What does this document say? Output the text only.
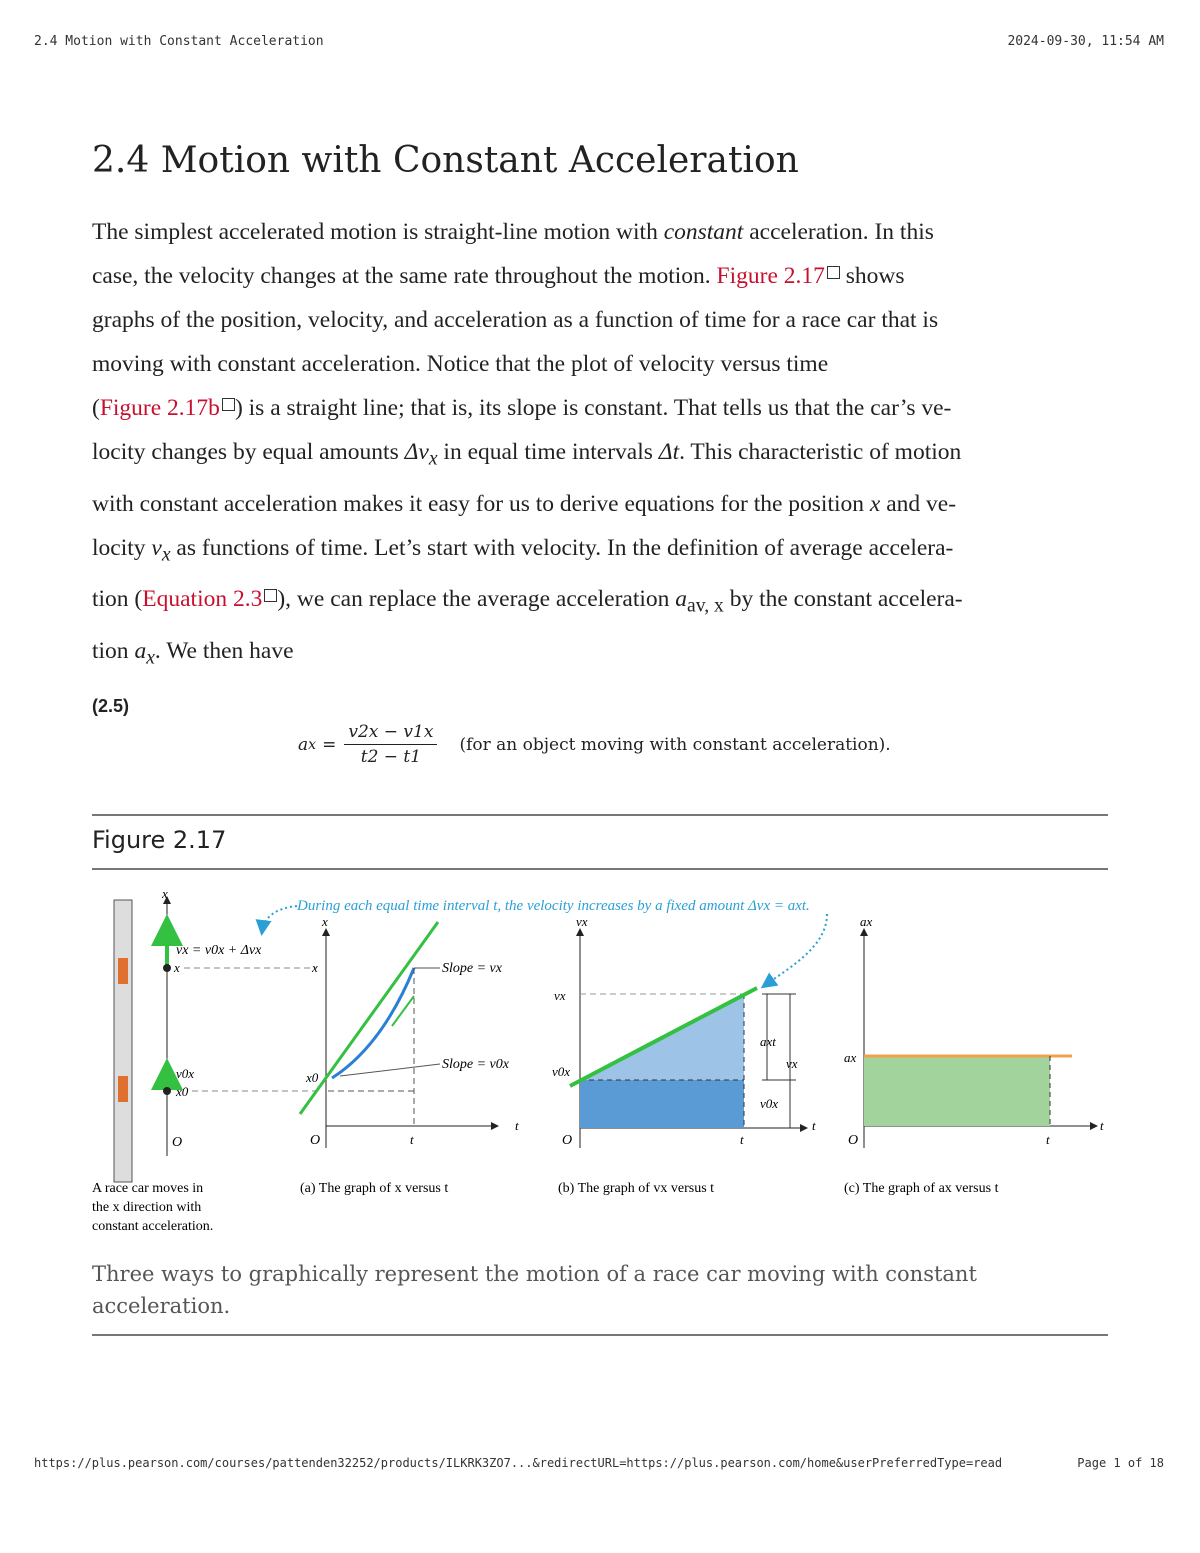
2.4 Motion with Constant Acceleration	2024-09-30, 11:54 AM
2.4 Motion with Constant Acceleration
The simplest accelerated motion is straight-line motion with constant acceleration. In this
case, the velocity changes at the same rate throughout the motion. Figure 2.17 shows
graphs of the position, velocity, and acceleration as a function of time for a race car that is
moving with constant acceleration. Notice that the plot of velocity versus time
(Figure 2.17b ) is a straight line; that is, its slope is constant. That tells us that the car’s ve-
locity changes by equal amounts $\Delta v_x$ in equal time intervals Δt. This characteristic of motion
with constant acceleration makes it easy for us to derive equations for the position x and ve-
locity $v_x$ as functions of time. Let’s start with velocity. In the definition of average accelera-
tion (Equation 2.3 ), we can replace the average acceleration $a_{av, x}$ by the constant accelera-
tion $a_x$. We then have
(2.5)
a $x = \frac{v2x - v1x}{t2 - t1} (for$ an object moving with constant acceleration).
Figure 2.17
During each equal time interval t, the velocity increases by a fixed amount Δvx = axt.
x
vx = v0x + Δvx
x
v0x
x0
O
A race car moves in
the x direction with
constant acceleration.
x
x
x0
O	t
t
Slope = vx
Slope = v0x
(a) The graph of x versus t
vx
vx
v0x
O	t
t
axt
vx
v0x
(b) The graph of vx versus t
ax
ax
O	t
t
(c) The graph of ax versus t
Three ways to graphically represent the motion of a race car moving with constant acceleration.
https://plus.pearson.com/courses/pattenden32252/products/ILKRK3ZO7...&redirectURL=https://plus.pearson.com/home&userPreferredType=read	Page 1 of 18
